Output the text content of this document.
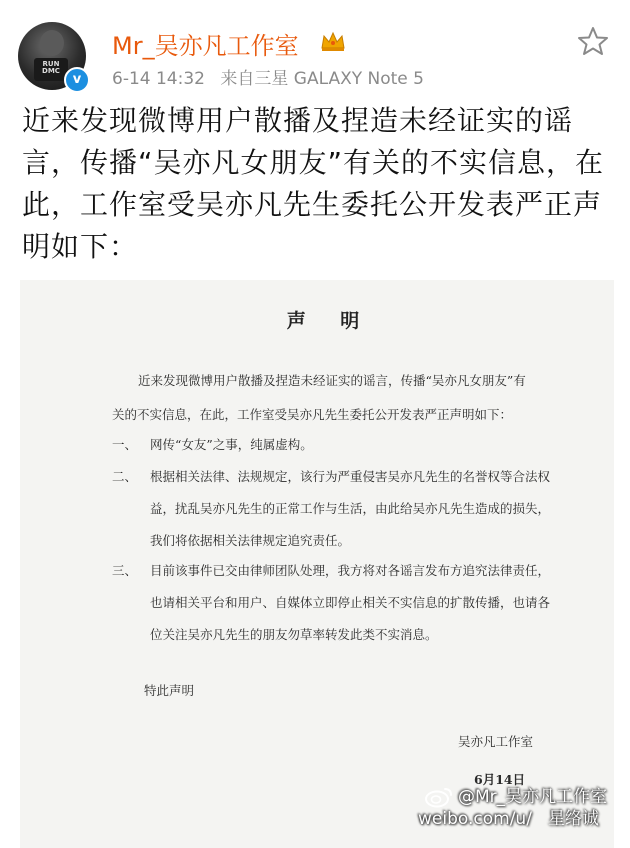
RUN DMC
v
Mr_吴亦凡工作室
6-14 14:32 来自三星 GALAXY Note 5
近来发现微博用户散播及捏造未经证实的谣
言，传播“吴亦凡女朋友”有关的不实信息，在
此，工作室受吴亦凡先生委托公开发表严正声
明如下：
声 明
近来发现微博用户散播及捏造未经证实的谣言，传播“吴亦凡女朋友”有
关的不实信息，在此，工作室受吴亦凡先生委托公开发表严正声明如下：
一、 网传“女友”之事，纯属虚构。
二、 根据相关法律、法规规定，该行为严重侵害吴亦凡先生的名誉权等合法权
益，扰乱吴亦凡先生的正常工作与生活，由此给吴亦凡先生造成的损失，
我们将依据相关法律规定追究责任。
三、 目前该事件已交由律师团队处理，我方将对各谣言发布方追究法律责任，
也请相关平台和用户、自媒体立即停止相关不实信息的扩散传播，也请各
位关注吴亦凡先生的朋友勿草率转发此类不实消息。
特此声明
吴亦凡工作室
6月14日
@Mr_吴亦凡工作室
weibo.com/u/ 星络诚
